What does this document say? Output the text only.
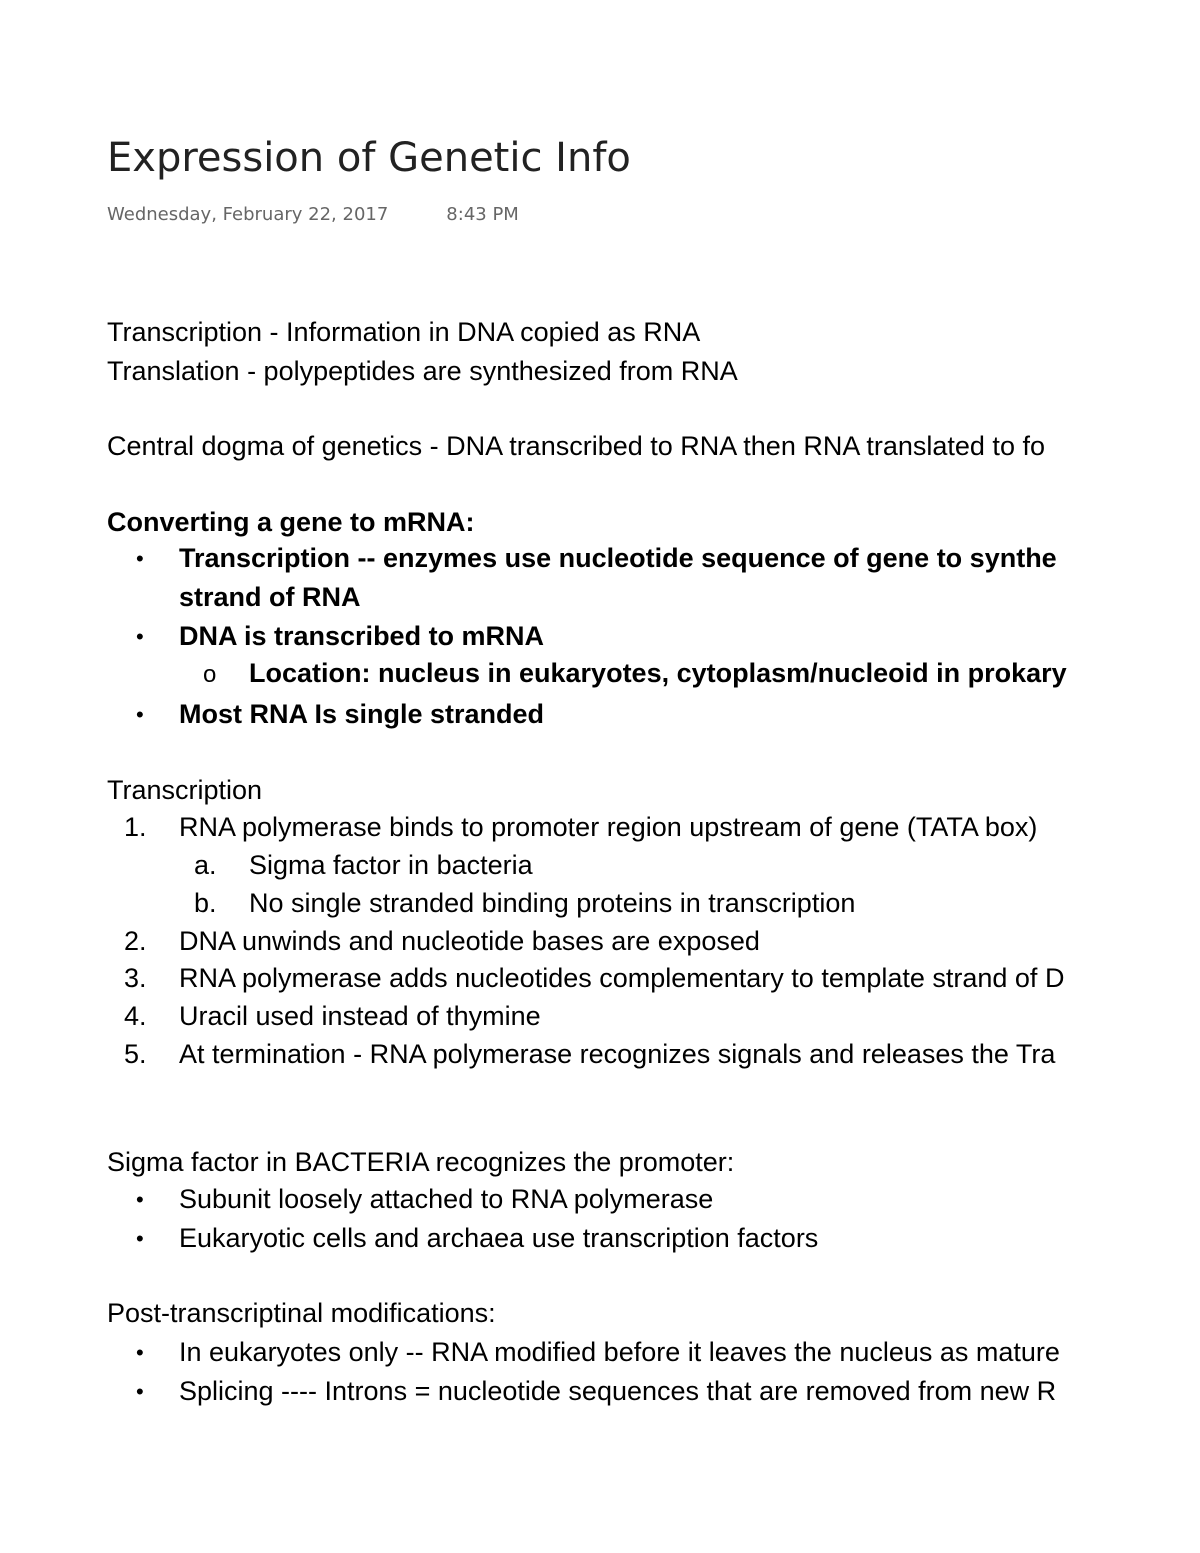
Expression of Genetic Info
Wednesday, February 22, 2017	8:43 PM
Transcription - Information in DNA copied as RNA
Translation - polypeptides are synthesized from RNA
Central dogma of genetics - DNA transcribed to RNA then RNA translated to fo
Converting a gene to mRNA:
• Transcription -- enzymes use nucleotide sequence of gene to synthe
strand of RNA
• DNA is transcribed to mRNA
o Location: nucleus in eukaryotes, cytoplasm/nucleoid in prokary
• Most RNA Is single stranded
Transcription
1. RNA polymerase binds to promoter region upstream of gene (TATA box)
a. Sigma factor in bacteria
b. No single stranded binding proteins in transcription
2. DNA unwinds and nucleotide bases are exposed
3. RNA polymerase adds nucleotides complementary to template strand of D
4. Uracil used instead of thymine
5. At termination - RNA polymerase recognizes signals and releases the Tra
Sigma factor in BACTERIA recognizes the promoter:
• Subunit loosely attached to RNA polymerase
• Eukaryotic cells and archaea use transcription factors
Post-transcriptinal modifications:
• In eukaryotes only -- RNA modified before it leaves the nucleus as mature
• Splicing ---- Introns = nucleotide sequences that are removed from new R
